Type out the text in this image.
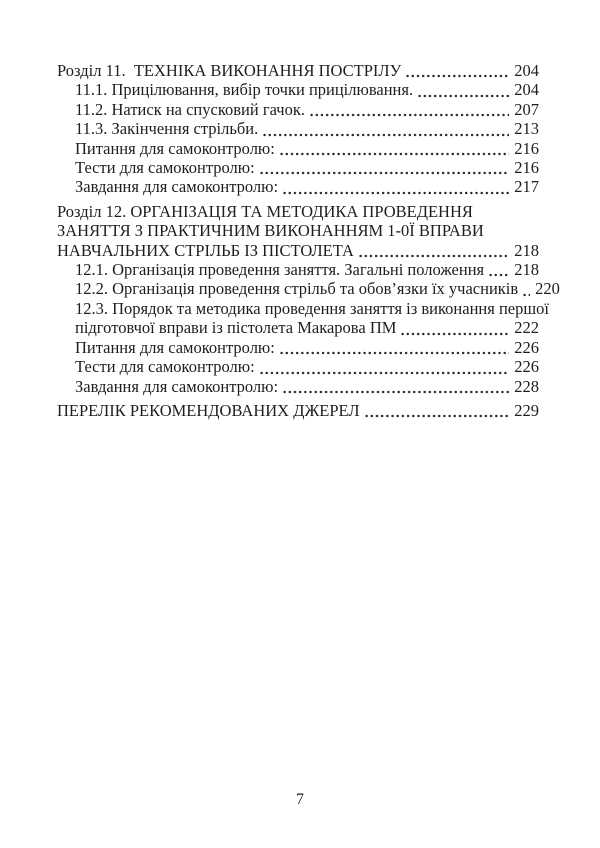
Розділ 11.  ТЕХНІКА ВИКОНАННЯ ПОСТРІЛУ	204
11.1. Прицілювання, вибір точки прицілювання.	204
11.2. Натиск на спусковий гачок.	207
11.3. Закінчення стрільби.	213
Питання для самоконтролю:	216
Тести для самоконтролю:	216
Завдання для самоконтролю:	217
Розділ 12. ОРГАНІЗАЦІЯ ТА МЕТОДИКА ПРОВЕДЕННЯ
ЗАНЯТТЯ З ПРАКТИЧНИМ ВИКОНАННЯМ 1-0Ї ВПРАВИ
НАВЧАЛЬНИХ СТРІЛЬБ ІЗ ПІСТОЛЕТА	218
12.1. Організація проведення заняття. Загальні положення 218
12.2. Організація проведення стрільб та обов’язки їх учасників 220
12.3. Порядок та методика проведення заняття із виконання першої
підготовчої вправи із пістолета Макарова ПМ	222
Питання для самоконтролю:	226
Тести для самоконтролю:	226
Завдання для самоконтролю:	228
ПЕРЕЛІК РЕКОМЕНДОВАНИХ ДЖЕРЕЛ	229
7
